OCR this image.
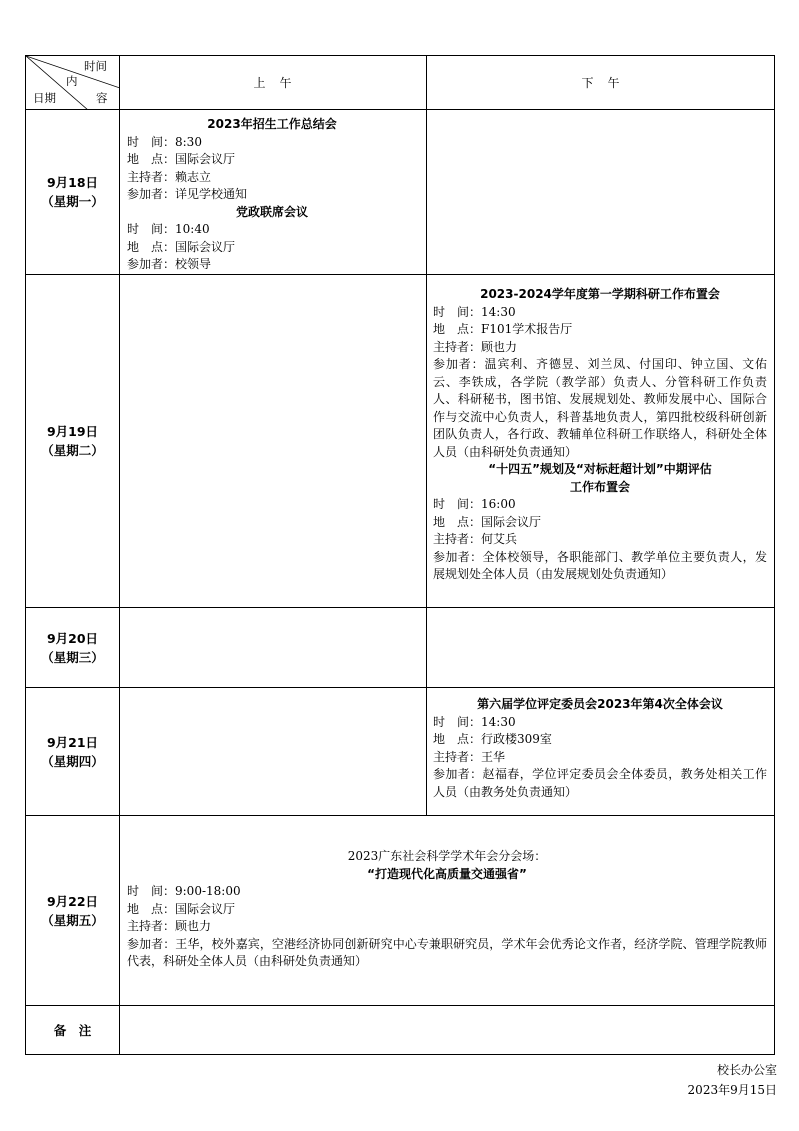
时间
内
容
日期
上　午	下　午
9月18日
（星期一）
9月19日
（星期二）
9月20日
（星期三）
9月21日
（星期四）
9月22日
（星期五）
备　注
2023年招生工作总结会
时　间：8:30
地　点：国际会议厅
主持者：赖志立
参加者：详见学校通知
党政联席会议
时　间：10:40
地　点：国际会议厅
参加者：校领导
2023-2024学年度第一学期科研工作布置会
时　间：14:30
地　点：F101学术报告厅
主持者：顾也力
参加者：温宾利、齐德昱、刘兰凤、付国印、钟立国、文佑云、李铁成，各学院（教学部）负责人、分管科研工作负责人、科研秘书，图书馆、发展规划处、教师发展中心、国际合作与交流中心负责人，科普基地负责人，第四批校级科研创新团队负责人，各行政、教辅单位科研工作联络人，科研处全体人员（由科研处负责通知）
“十四五”规划及“对标赶超计划”中期评估
工作布置会
时　间：16:00
地　点：国际会议厅
主持者：何艾兵
参加者：全体校领导，各职能部门、教学单位主要负责人，发展规划处全体人员（由发展规划处负责通知）
第六届学位评定委员会2023年第4次全体会议
时　间：14:30
地　点：行政楼309室
主持者：王华
参加者：赵福春，学位评定委员会全体委员，教务处相关工作人员（由教务处负责通知）
2023广东社会科学学术年会分会场：
“打造现代化高质量交通强省”
时　间：9:00-18:00
地　点：国际会议厅
主持者：顾也力
参加者：王华，校外嘉宾，空港经济协同创新研究中心专兼职研究员，学术年会优秀论文作者，经济学院、管理学院教师代表，科研处全体人员（由科研处负责通知）
校长办公室
2023年9月15日
